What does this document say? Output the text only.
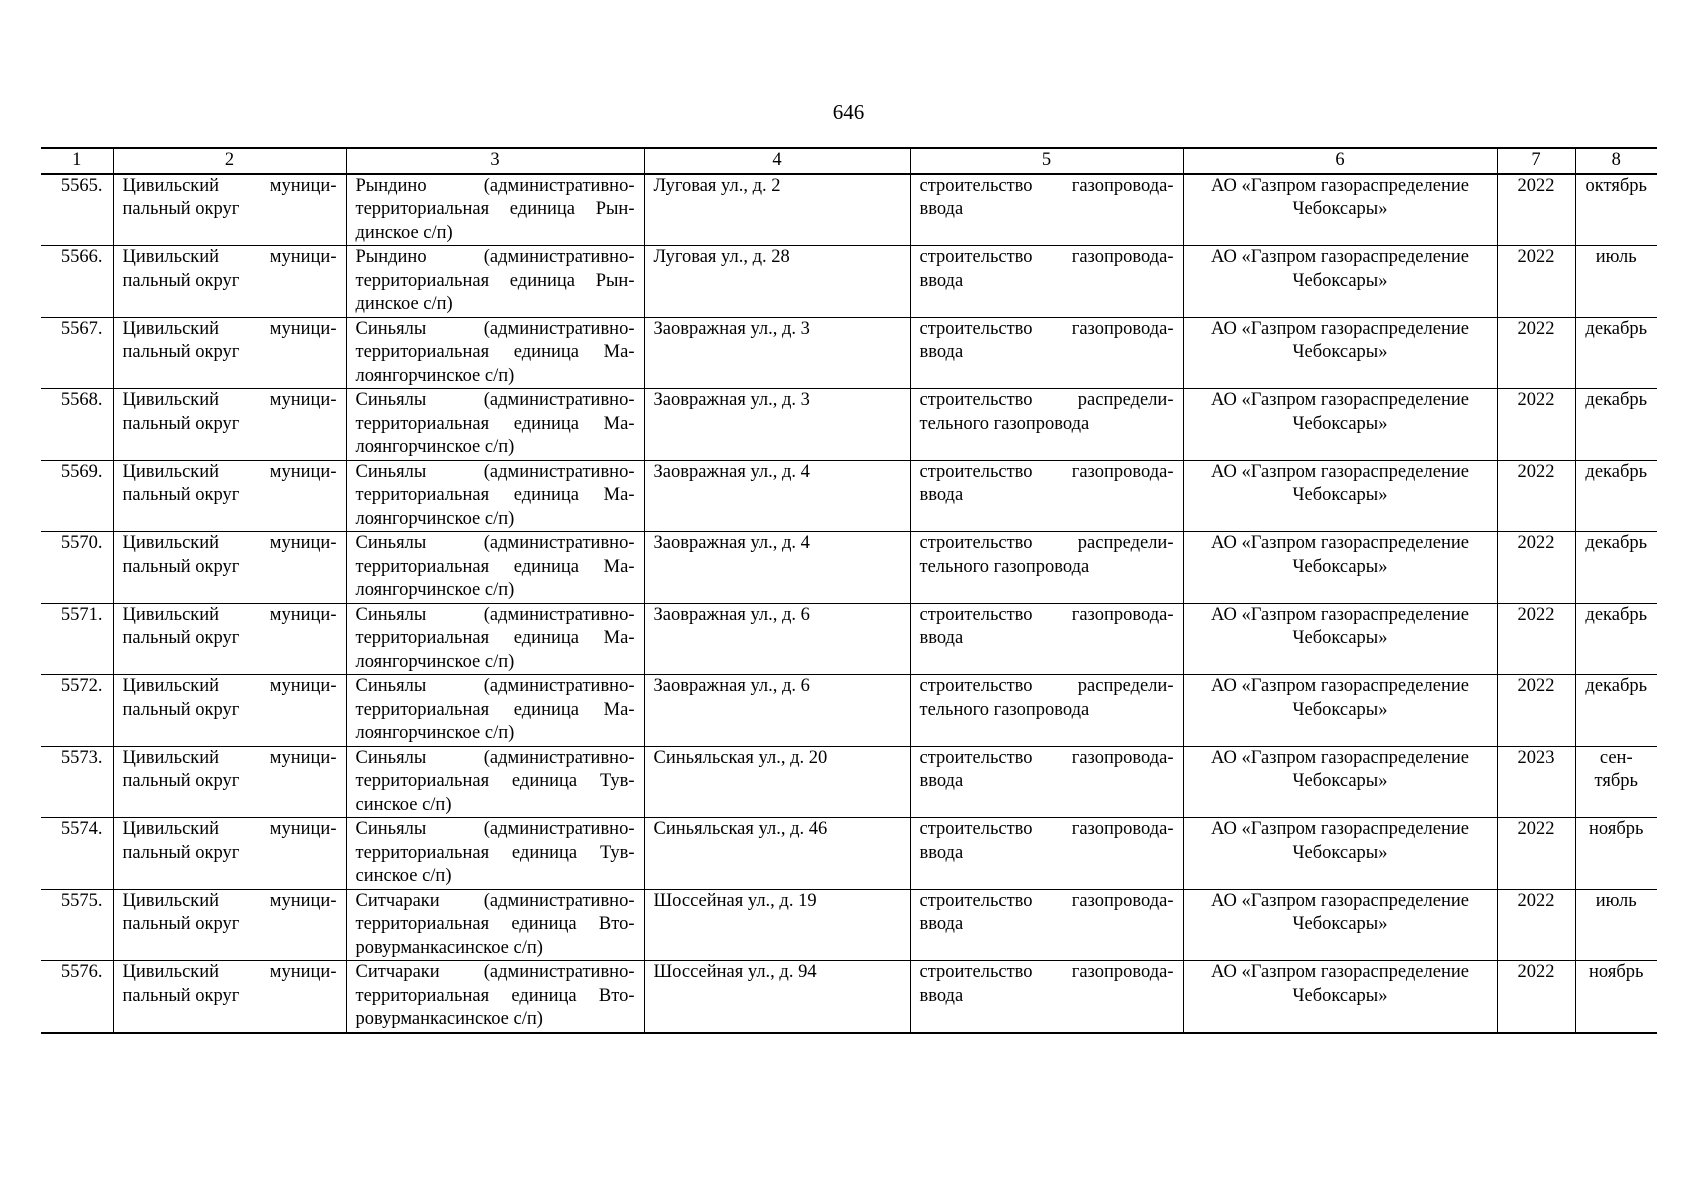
646
1	2	3	4	5	6	7	8
5565.	Цивильский муници-пальный округ	Рындино (административно-территориальная единица Рын-динское с/п)	Луговая ул., д. 2	строительство газопровода-ввода	АО «Газпром газораспределение Чебоксары»	2022	октябрь
5566.	Цивильский муници-пальный округ	Рындино (административно-территориальная единица Рын-динское с/п)	Луговая ул., д. 28	строительство газопровода-ввода	АО «Газпром газораспределение Чебоксары»	2022	июль
5567.	Цивильский муници-пальный округ	Синьялы (административно-территориальная единица Ма-лоянгорчинское с/п)	Заовражная ул., д. 3	строительство газопровода-ввода	АО «Газпром газораспределение Чебоксары»	2022	декабрь
5568.	Цивильский муници-пальный округ	Синьялы (административно-территориальная единица Ма-лоянгорчинское с/п)	Заовражная ул., д. 3	строительство распредели-тельного газопровода	АО «Газпром газораспределение Чебоксары»	2022	декабрь
5569.	Цивильский муници-пальный округ	Синьялы (административно-территориальная единица Ма-лоянгорчинское с/п)	Заовражная ул., д. 4	строительство газопровода-ввода	АО «Газпром газораспределение Чебоксары»	2022	декабрь
5570.	Цивильский муници-пальный округ	Синьялы (административно-территориальная единица Ма-лоянгорчинское с/п)	Заовражная ул., д. 4	строительство распредели-тельного газопровода	АО «Газпром газораспределение Чебоксары»	2022	декабрь
5571.	Цивильский муници-пальный округ	Синьялы (административно-территориальная единица Ма-лоянгорчинское с/п)	Заовражная ул., д. 6	строительство газопровода-ввода	АО «Газпром газораспределение Чебоксары»	2022	декабрь
5572.	Цивильский муници-пальный округ	Синьялы (административно-территориальная единица Ма-лоянгорчинское с/п)	Заовражная ул., д. 6	строительство распредели-тельного газопровода	АО «Газпром газораспределение Чебоксары»	2022	декабрь
5573.	Цивильский муници-пальный округ	Синьялы (административно-территориальная единица Тув-синское с/п)	Синьяльская ул., д. 20	строительство газопровода-ввода	АО «Газпром газораспределение Чебоксары»	2023	сен-тябрь
5574.	Цивильский муници-пальный округ	Синьялы (административно-территориальная единица Тув-синское с/п)	Синьяльская ул., д. 46	строительство газопровода-ввода	АО «Газпром газораспределение Чебоксары»	2022	ноябрь
5575.	Цивильский муници-пальный округ	Ситчараки (административно-территориальная единица Вто-ровурманкасинское с/п)	Шоссейная ул., д. 19	строительство газопровода-ввода	АО «Газпром газораспределение Чебоксары»	2022	июль
5576.	Цивильский муници-пальный округ	Ситчараки (административно-территориальная единица Вто-ровурманкасинское с/п)	Шоссейная ул., д. 94	строительство газопровода-ввода	АО «Газпром газораспределение Чебоксары»	2022	ноябрь
